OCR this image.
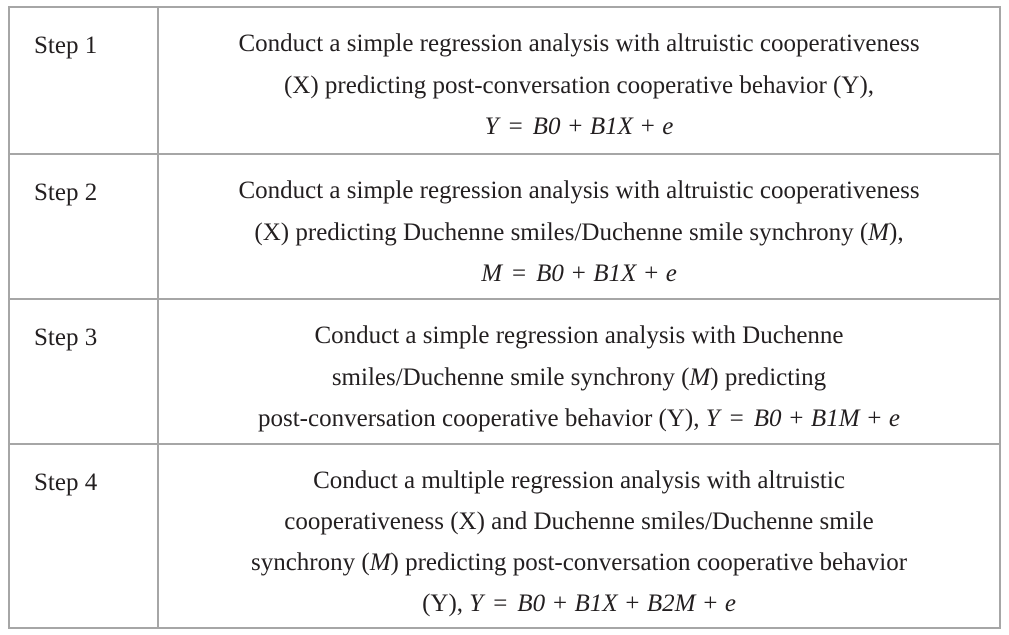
Step 1	Conduct a simple regression analysis with altruistic cooperativeness
(X) predicting post-conversation cooperative behavior (Y),
Y = B0 + B1X + e
Step 2	Conduct a simple regression analysis with altruistic cooperativeness
(X) predicting Duchenne smiles/Duchenne smile synchrony (M),
M = B0 + B1X + e
Step 3	Conduct a simple regression analysis with Duchenne
smiles/Duchenne smile synchrony (M) predicting
post-conversation cooperative behavior (Y), Y = B0 + B1M + e
Step 4	Conduct a multiple regression analysis with altruistic
cooperativeness (X) and Duchenne smiles/Duchenne smile
synchrony (M) predicting post-conversation cooperative behavior
(Y), Y = B0 + B1X + B2M + e
